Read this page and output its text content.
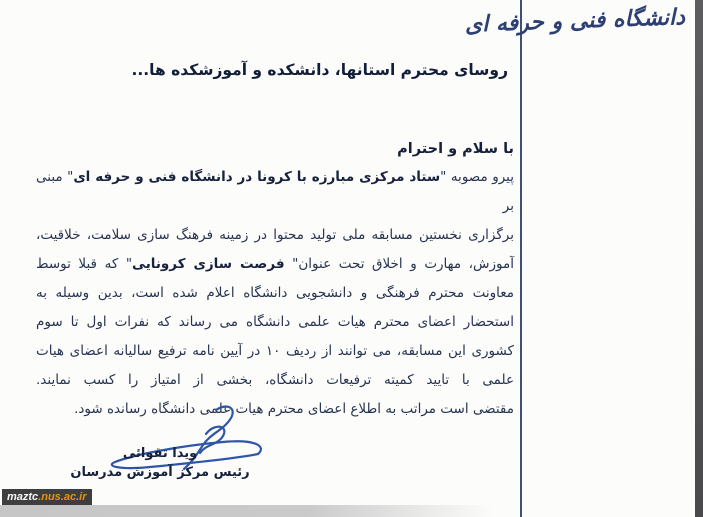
دانشگاه فنی و حرفه ای
روسای محترم استانها، دانشکده و آموزشکده ها...
با سلام و احترام
پیرو مصوبه "ستاد مرکزی مبارزه با کرونا در دانشگاه فنی و حرفه ای" مبنی بر
برگزاری نخستین مسابقه ملی تولید محتوا در زمینه فرهنگ سازی سلامت، خلاقیت،
آموزش، مهارت و اخلاق تحت عنوان" فرصت سازی کرونایی" که قبلا توسط
معاونت محترم فرهنگی و دانشجویی دانشگاه اعلام شده است، بدین وسیله به
استحضار اعضای محترم هیات علمی دانشگاه می رساند که نفرات اول تا سوم
کشوری این مسابقه، می توانند از ردیف ۱۰ در آیین نامه ترفیع سالیانه اعضای هیات
علمی با تایید کمیته ترفیعات دانشگاه، بخشی از امتیاز را کسب نمایند.
مقتضی است مراتب به اطلاع اعضای محترم هیات علمی دانشگاه رسانده شود.
ویدا تقوائی
رئیس مرکز آموزش مدرسان
maztc.nus.ac.ir
